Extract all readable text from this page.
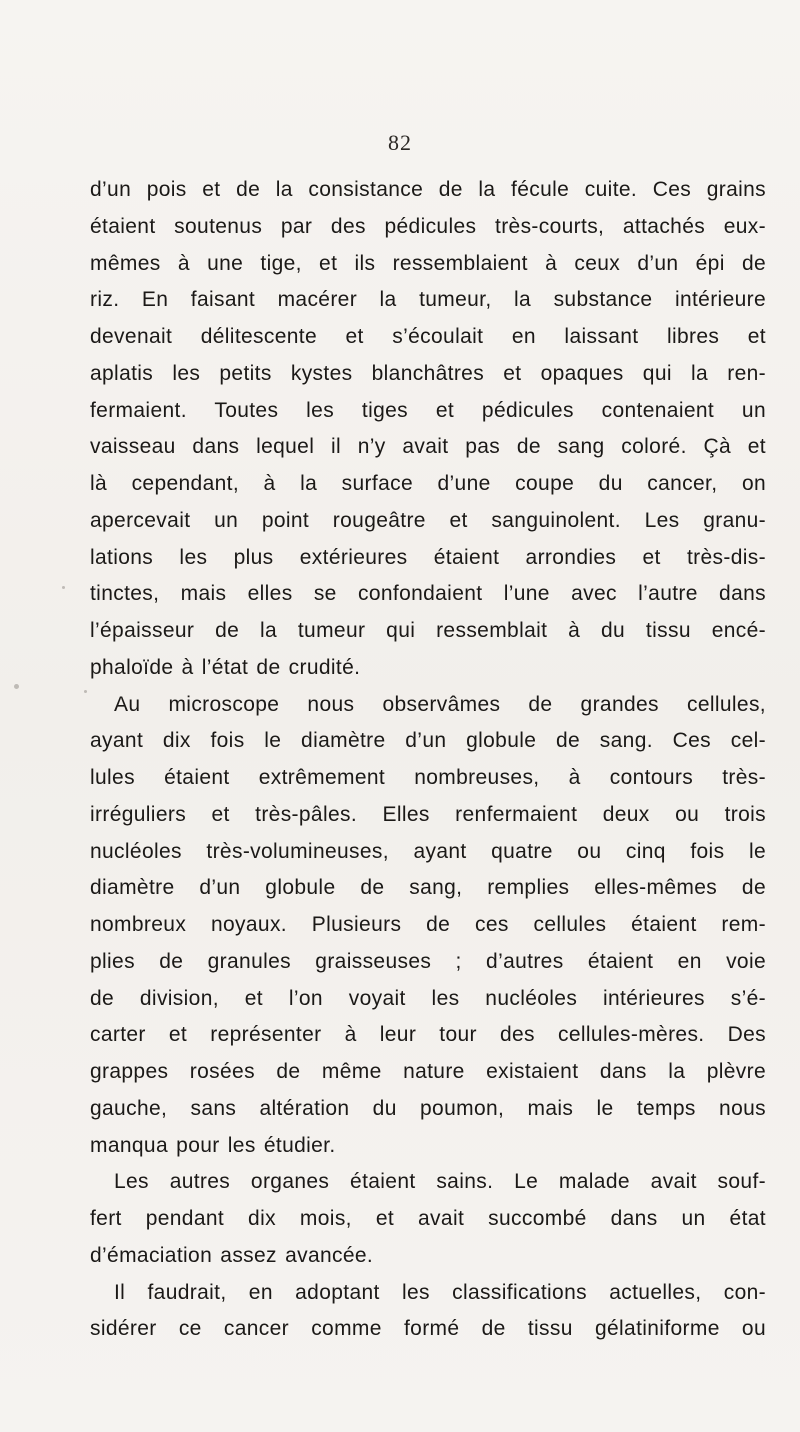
82
d’un pois et de la consistance de la fécule cuite. Ces grains
étaient soutenus par des pédicules très-courts, attachés eux-
mêmes à une tige, et ils ressemblaient à ceux d’un épi de
riz. En faisant macérer la tumeur, la substance intérieure
devenait délitescente et s’écoulait en laissant libres et
aplatis les petits kystes blanchâtres et opaques qui la ren-
fermaient. Toutes les tiges et pédicules contenaient un
vaisseau dans lequel il n’y avait pas de sang coloré. Çà et
là cependant, à la surface d’une coupe du cancer, on
apercevait un point rougeâtre et sanguinolent. Les granu-
lations les plus extérieures étaient arrondies et très-dis-
tinctes, mais elles se confondaient l’une avec l’autre dans
l’épaisseur de la tumeur qui ressemblait à du tissu encé-
phaloïde à l’état de crudité.
Au microscope nous observâmes de grandes cellules,
ayant dix fois le diamètre d’un globule de sang. Ces cel-
lules étaient extrêmement nombreuses, à contours très-
irréguliers et très-pâles. Elles renfermaient deux ou trois
nucléoles très-volumineuses, ayant quatre ou cinq fois le
diamètre d’un globule de sang, remplies elles-mêmes de
nombreux noyaux. Plusieurs de ces cellules étaient rem-
plies de granules graisseuses ; d’autres étaient en voie
de division, et l’on voyait les nucléoles intérieures s’é-
carter et représenter à leur tour des cellules-mères. Des
grappes rosées de même nature existaient dans la plèvre
gauche, sans altération du poumon, mais le temps nous
manqua pour les étudier.
Les autres organes étaient sains. Le malade avait souf-
fert pendant dix mois, et avait succombé dans un état
d’émaciation assez avancée.
Il faudrait, en adoptant les classifications actuelles, con-
sidérer ce cancer comme formé de tissu gélatiniforme ou
